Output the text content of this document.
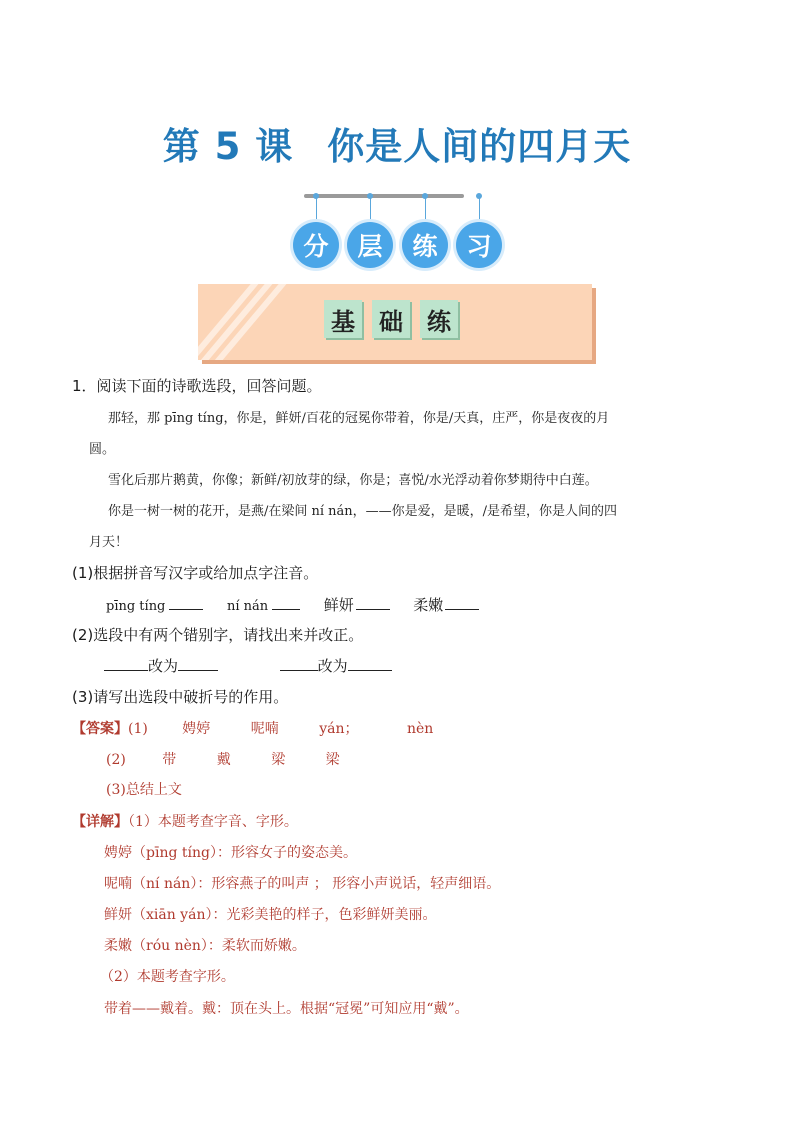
第 5 课 你是人间的四月天
分	层	练	习
基 础 练
1．阅读下面的诗歌选段，回答问题。
那轻，那 pīng tíng，你是，鲜妍/百花的冠冕你带着，你是/天真，庄严，你是夜夜的月
圆。
雪化后那片鹅黄，你像；新鲜/初放芽的绿，你是；喜悦/水光浮动着你梦期待中白莲。
你是一树一树的花开，是燕/在梁间 ní nán，——你是爱，是暖，/是希望，你是人间的四
月天！
(1)根据拼音写汉字或给加点字注音。
pīng tíng	ní nán	鲜妍	柔嫩
(2)选段中有两个错别字，请找出来并改正。
改为	改为
(3)请写出选段中破折号的作用。
【答案】(1) 娉婷	呢喃	yán；	nèn
(2)	带	戴	梁	梁
(3)总结上文
【详解】（1）本题考查字音、字形。
娉婷（pīng tíng）：形容女子的姿态美。
呢喃（ní nán）：形容燕子的叫声 ； 形容小声说话，轻声细语。
鲜妍（xiān yán）：光彩美艳的样子，色彩鲜妍美丽。
柔嫩（róu nèn）：柔软而娇嫩。
（2）本题考查字形。
带着——戴着。戴：顶在头上。根据“冠冕”可知应用“戴”。
